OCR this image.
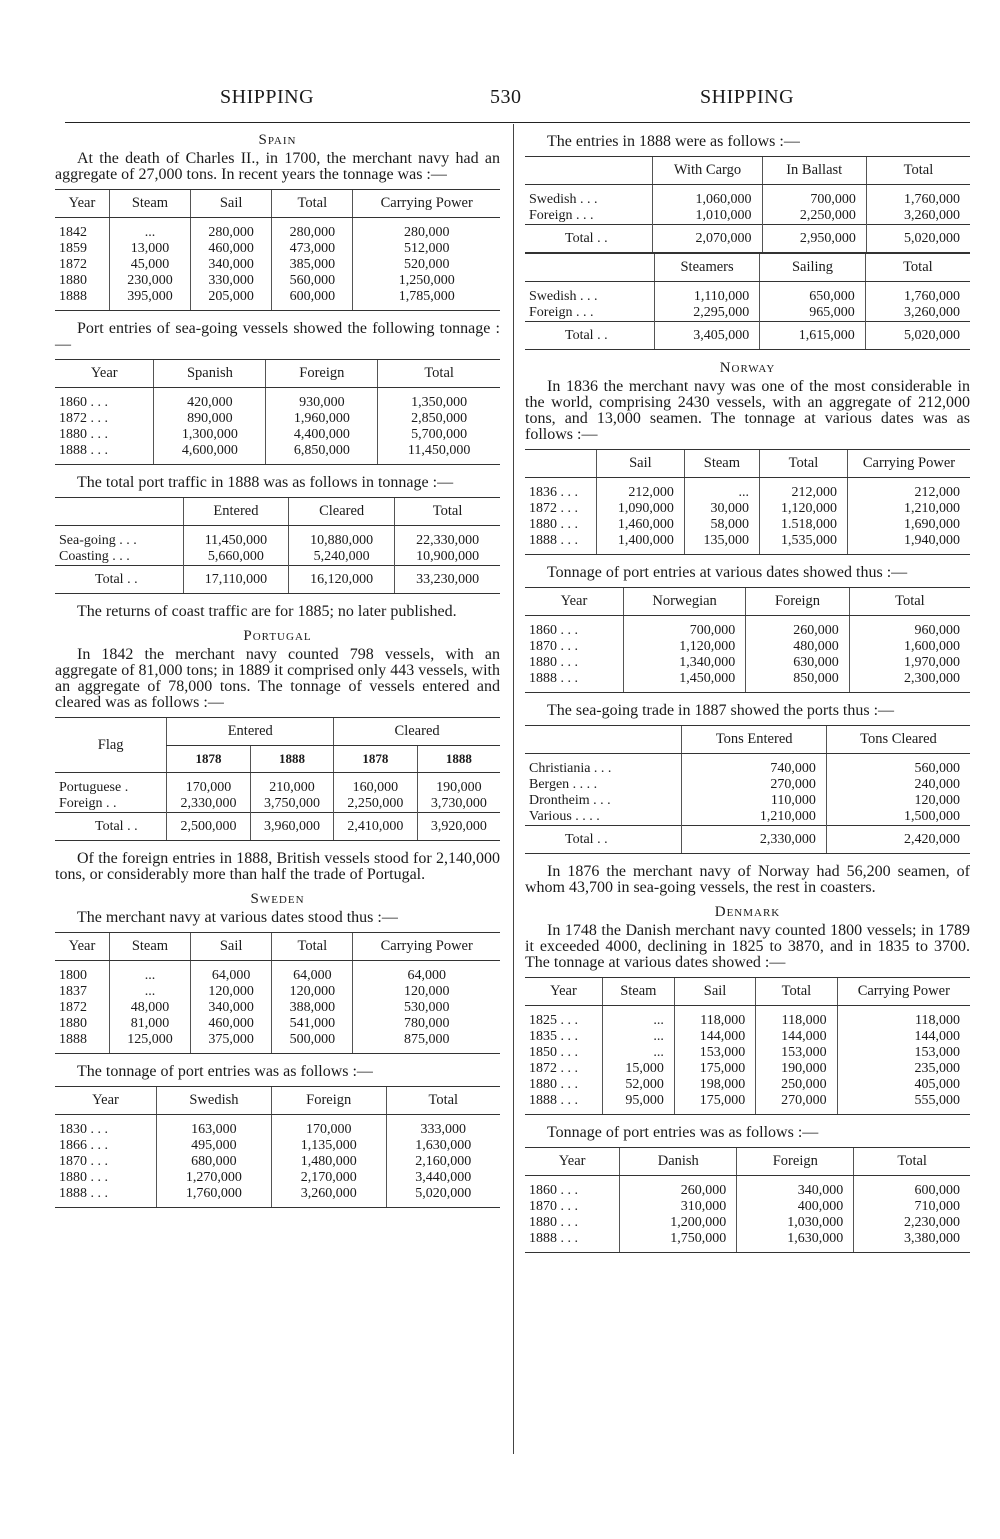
SHIPPING	530	SHIPPING
Spain
At the death of Charles II., in 1700, the merchant navy had an aggregate of 27,000 tons. In recent years the tonnage was :—
Year	Steam	Sail	Total	Carrying Power
1842	...	280,000	280,000	280,000
1859	13,000	460,000	473,000	512,000
1872	45,000	340,000	385,000	520,000
1880	230,000	330,000	560,000	1,250,000
1888	395,000	205,000	600,000	1,785,000
Port entries of sea-going vessels showed the following tonnage :—
Year	Spanish	Foreign	Total
1860 . . .	420,000	930,000	1,350,000
1872 . . .	890,000	1,960,000	2,850,000
1880 . . .	1,300,000	4,400,000	5,700,000
1888 . . .	4,600,000	6,850,000	11,450,000
The total port traffic in 1888 was as follows in tonnage :—
	Entered	Cleared	Total
Sea-going . . .	11,450,000	10,880,000	22,330,000
Coasting . . .	5,660,000	5,240,000	10,900,000
Total . .	17,110,000	16,120,000	33,230,000
The returns of coast traffic are for 1885; no later published.
Portugal
In 1842 the merchant navy counted 798 vessels, with an aggregate of 81,000 tons; in 1889 it comprised only 443 vessels, with an aggregate of 78,000 tons. The tonnage of vessels entered and cleared was as follows :—
Flag	Entered		Cleared	
	1878	1888	1878	1888
Portuguese .	170,000	210,000	160,000	190,000
Foreign . .	2,330,000	3,750,000	2,250,000	3,730,000
Total . .	2,500,000	3,960,000	2,410,000	3,920,000
Of the foreign entries in 1888, British vessels stood for 2,140,000 tons, or considerably more than half the trade of Portugal.
Sweden
The merchant navy at various dates stood thus :—
Year	Steam	Sail	Total	Carrying Power
1800	...	64,000	64,000	64,000
1837	...	120,000	120,000	120,000
1872	48,000	340,000	388,000	530,000
1880	81,000	460,000	541,000	780,000
1888	125,000	375,000	500,000	875,000
The tonnage of port entries was as follows :—
Year	Swedish	Foreign	Total
1830 . . .	163,000	170,000	333,000
1866 . . .	495,000	1,135,000	1,630,000
1870 . . .	680,000	1,480,000	2,160,000
1880 . . .	1,270,000	2,170,000	3,440,000
1888 . . .	1,760,000	3,260,000	5,020,000
The entries in 1888 were as follows :—
	With Cargo	In Ballast	Total
Swedish . . .	1,060,000	700,000	1,760,000
Foreign . . .	1,010,000	2,250,000	3,260,000
Total . .	2,070,000	2,950,000	5,020,000
	Steamers	Sailing	Total
Swedish . . .	1,110,000	650,000	1,760,000
Foreign . . .	2,295,000	965,000	3,260,000
Total . .	3,405,000	1,615,000	5,020,000
Norway
In 1836 the merchant navy was one of the most considerable in the world, comprising 2430 vessels, with an aggregate of 212,000 tons, and 13,000 seamen. The tonnage at various dates was as follows :—
	Sail	Steam	Total	Carrying Power
1836 . . .	212,000	...	212,000	212,000
1872 . . .	1,090,000	30,000	1,120,000	1,210,000
1880 . . .	1,460,000	58,000	1.518,000	1,690,000
1888 . . .	1,400,000	135,000	1,535,000	1,940,000
Tonnage of port entries at various dates showed thus :—
Year	Norwegian	Foreign	Total
1860 . . .	700,000	260,000	960,000
1870 . . .	1,120,000	480,000	1,600,000
1880 . . .	1,340,000	630,000	1,970,000
1888 . . .	1,450,000	850,000	2,300,000
The sea-going trade in 1887 showed the ports thus :—
	Tons Entered	Tons Cleared
Christiania . . .	740,000	560,000
Bergen . . . .	270,000	240,000
Drontheim . . .	110,000	120,000
Various . . . .	1,210,000	1,500,000
Total . .	2,330,000	2,420,000
In 1876 the merchant navy of Norway had 56,200 seamen, of whom 43,700 in sea-going vessels, the rest in coasters.
Denmark
In 1748 the Danish merchant navy counted 1800 vessels; in 1789 it exceeded 4000, declining in 1825 to 3870, and in 1835 to 3700. The tonnage at various dates showed :—
Year	Steam	Sail	Total	Carrying Power
1825 . . .	...	118,000	118,000	118,000
1835 . . .	...	144,000	144,000	144,000
1850 . . .	...	153,000	153,000	153,000
1872 . . .	15,000	175,000	190,000	235,000
1880 . . .	52,000	198,000	250,000	405,000
1888 . . .	95,000	175,000	270,000	555,000
Tonnage of port entries was as follows :—
Year	Danish	Foreign	Total
1860 . . .	260,000	340,000	600,000
1870 . . .	310,000	400,000	710,000
1880 . . .	1,200,000	1,030,000	2,230,000
1888 . . .	1,750,000	1,630,000	3,380,000
